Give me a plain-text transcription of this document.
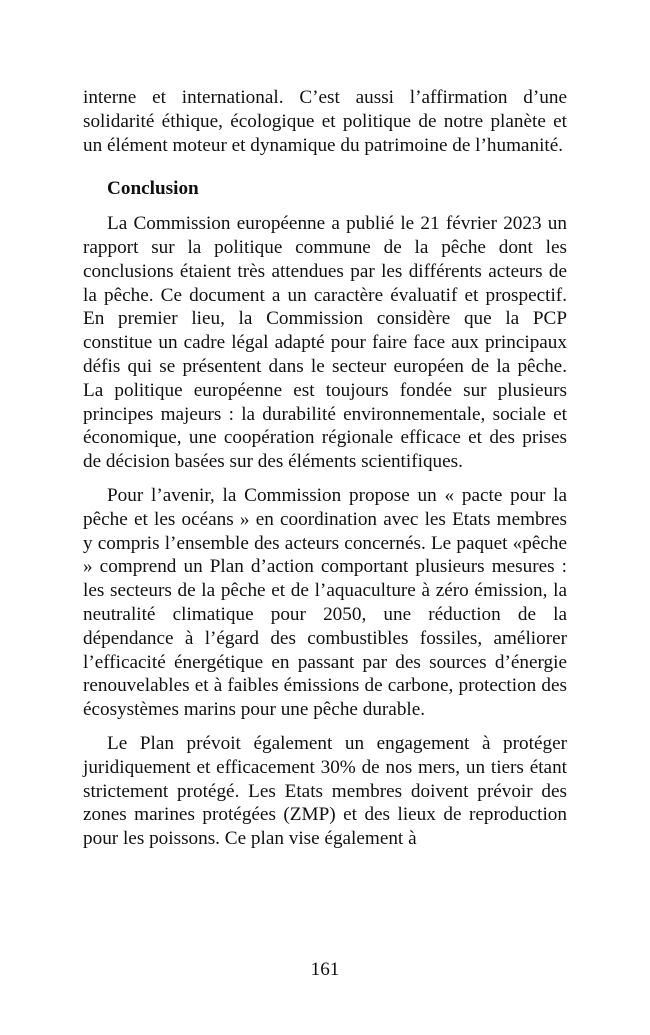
interne et international. C’est aussi l’affirmation d’une solidarité éthique, écologique et politique de notre planète et un élément moteur et dynamique du patrimoine de l’humanité.

Conclusion

La Commission européenne a publié le 21 février 2023 un rapport sur la politique commune de la pêche dont les conclusions étaient très attendues par les différents acteurs de la pêche. Ce document a un caractère évaluatif et prospectif. En premier lieu, la Commission considère que la PCP constitue un cadre légal adapté pour faire face aux principaux défis qui se présentent dans le secteur européen de la pêche. La politique européenne est toujours fondée sur plusieurs principes majeurs : la durabilité environnementale, sociale et économique, une coopération régionale efficace et des prises de décision basées sur des éléments scientifiques.

Pour l’avenir, la Commission propose un « pacte pour la pêche et les océans » en coordination avec les Etats membres y compris l’ensemble des acteurs concernés. Le paquet «pêche » comprend un Plan d’action comportant plusieurs mesures : les secteurs de la pêche et de l’aquaculture à zéro émission, la neutralité climatique pour 2050, une réduction de la dépendance à l’égard des combustibles fossiles, améliorer l’efficacité énergétique en passant par des sources d’énergie renouvelables et à faibles émissions de carbone, protection des écosystèmes marins pour une pêche durable.

Le Plan prévoit également un engagement à protéger juridiquement et efficacement 30% de nos mers, un tiers étant strictement protégé. Les Etats membres doivent prévoir des zones marines protégées (ZMP) et des lieux de reproduction pour les poissons. Ce plan vise également à

161
